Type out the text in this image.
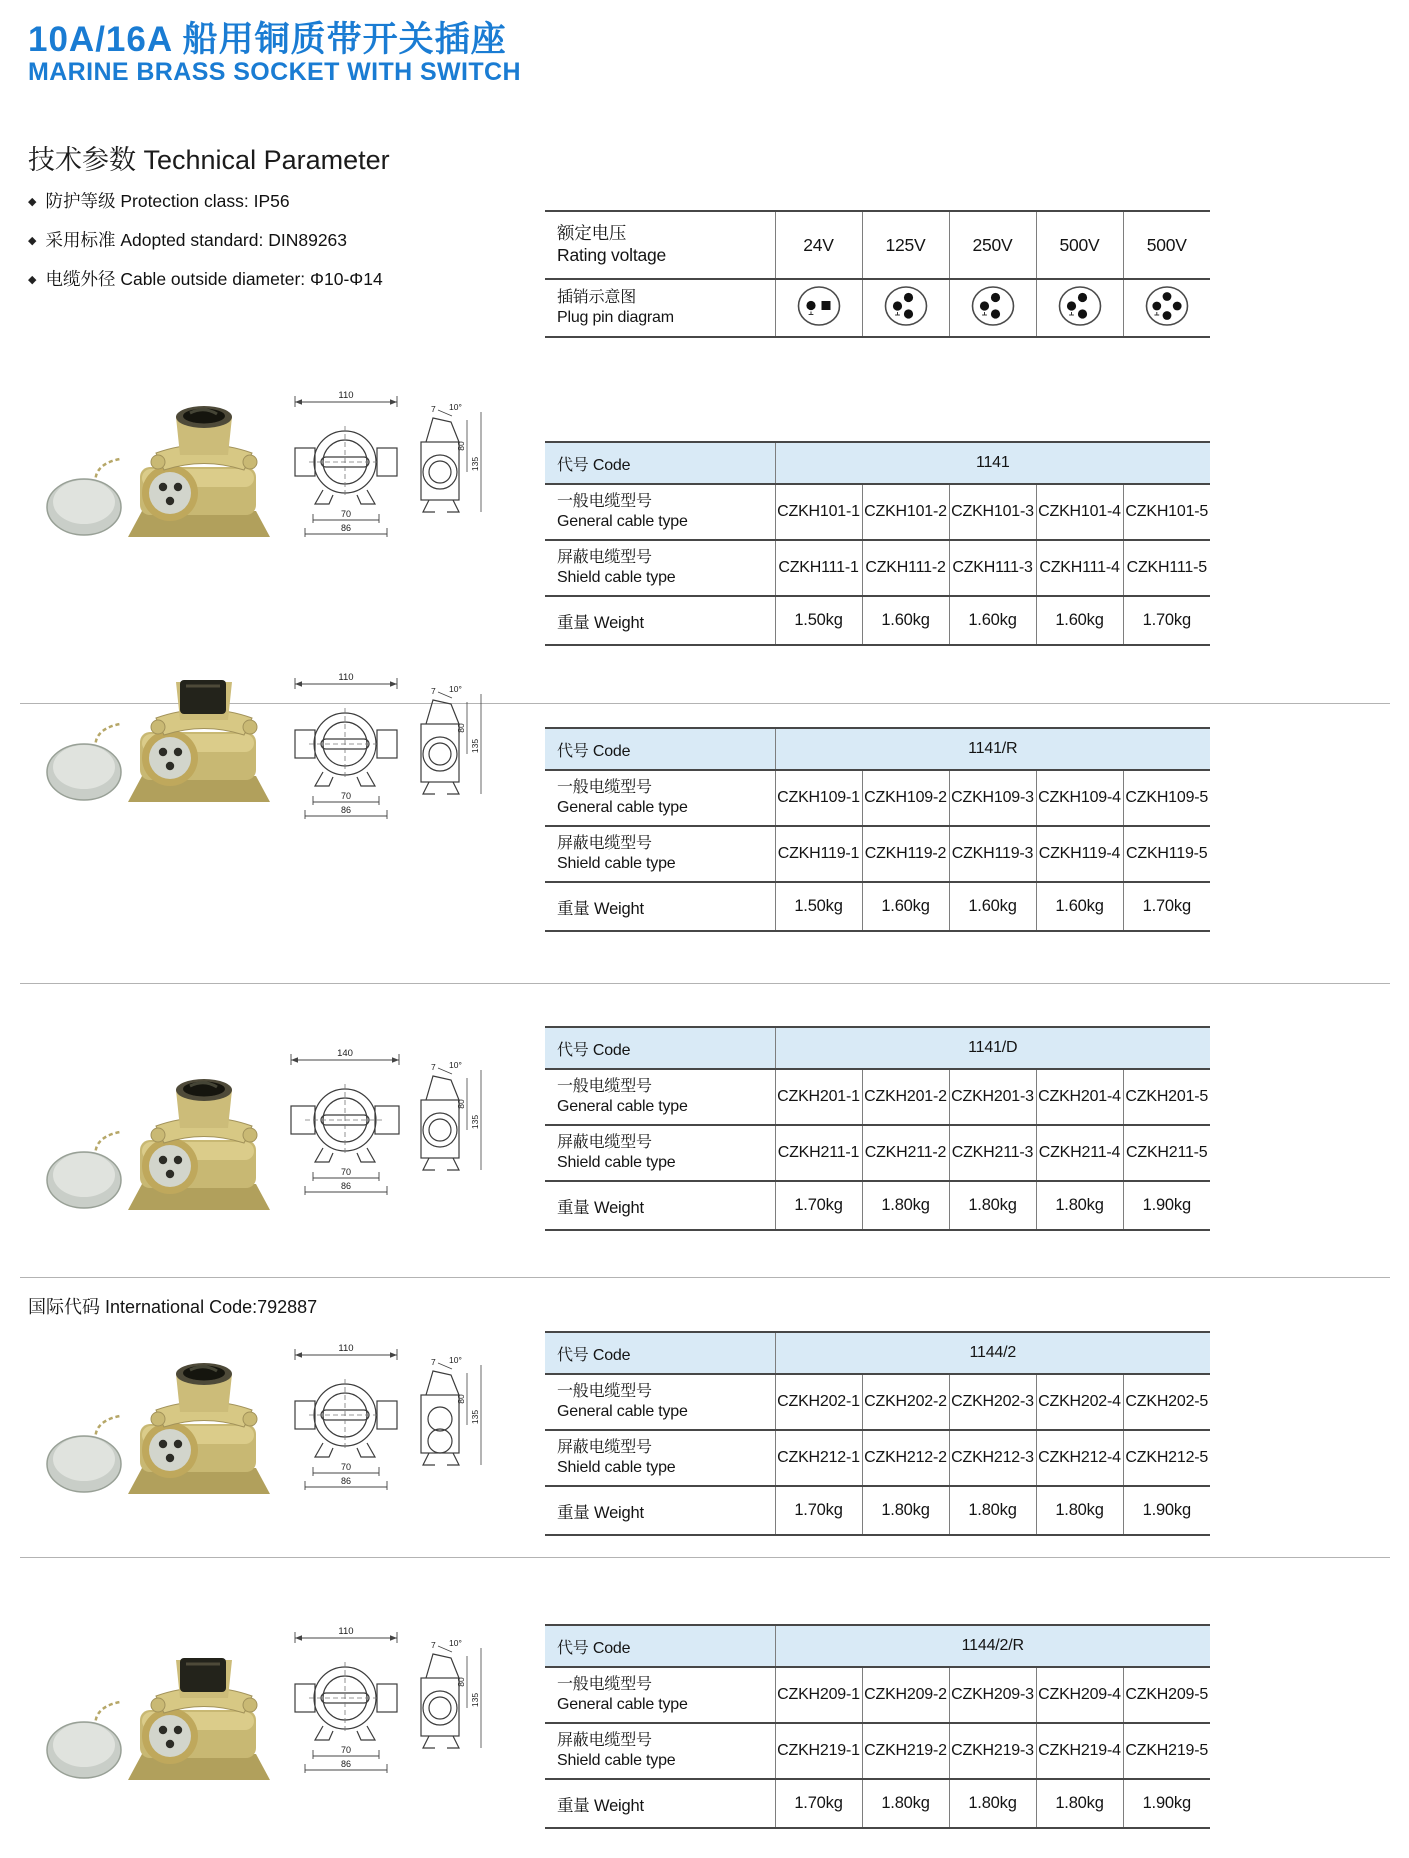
10A/16A 船用铜质带开关插座
MARINE BRASS SOCKET WITH SWITCH
技术参数 Technical Parameter
◆ 防护等级 Protection class: IP56
◆ 采用标准 Adopted standard: DIN89263
◆ 电缆外径 Cable outside diameter: Φ10-Φ14
额定电压
Rating voltage	24V	125V	250V	500V	500V

插销示意图
Plug pin diagram

国际代码 International Code:792887
110
70
86
7 10°
80
135	代号 Code	1141				

一般电缆型号
General cable type	CZKH101-1	CZKH101-2	CZKH101-3	CZKH101-4	CZKH101-5

屏蔽电缆型号
Shield cable type	CZKH111-1	CZKH111-2	CZKH111-3	CZKH111-4	CZKH111-5
重量 Weight	1.50kg	1.60kg	1.60kg	1.60kg	1.70kg
110
70
86
7 10°
80
135	代号 Code	1141/R				

一般电缆型号
General cable type	CZKH109-1	CZKH109-2	CZKH109-3	CZKH109-4	CZKH109-5

屏蔽电缆型号
Shield cable type	CZKH119-1	CZKH119-2	CZKH119-3	CZKH119-4	CZKH119-5
重量 Weight	1.50kg	1.60kg	1.60kg	1.60kg	1.70kg
140
70
86
7 10°
80
135
代号 Code	1141/D				

一般电缆型号
General cable type	CZKH201-1	CZKH201-2	CZKH201-3	CZKH201-4	CZKH201-5

屏蔽电缆型号
Shield cable type	CZKH211-1	CZKH211-2	CZKH211-3	CZKH211-4	CZKH211-5
重量 Weight	1.70kg	1.80kg	1.80kg	1.80kg	1.90kg
110
70
86
7 10°
80
135
代号 Code	1144/2				

一般电缆型号
General cable type	CZKH202-1	CZKH202-2	CZKH202-3	CZKH202-4	CZKH202-5

屏蔽电缆型号
Shield cable type	CZKH212-1	CZKH212-2	CZKH212-3	CZKH212-4	CZKH212-5
重量 Weight	1.70kg	1.80kg	1.80kg	1.80kg	1.90kg
110
70
86
7 10°
80
135
代号 Code	1144/2/R				

一般电缆型号
General cable type	CZKH209-1	CZKH209-2	CZKH209-3	CZKH209-4	CZKH209-5

屏蔽电缆型号
Shield cable type	CZKH219-1	CZKH219-2	CZKH219-3	CZKH219-4	CZKH219-5
重量 Weight	1.70kg	1.80kg	1.80kg	1.80kg	1.90kg
